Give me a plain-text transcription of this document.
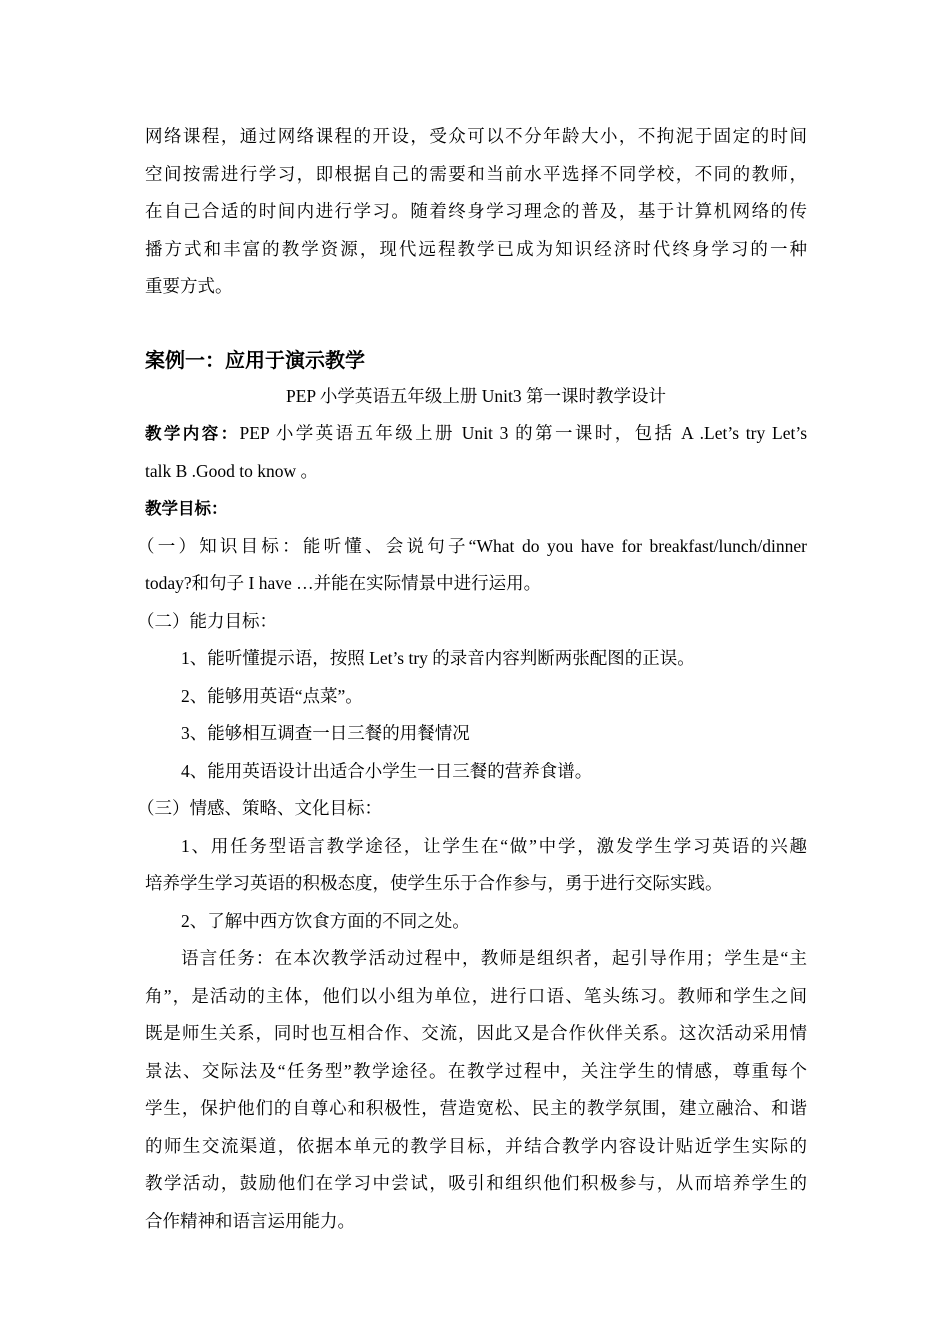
网络课程，通过网络课程的开设，受众可以不分年龄大小，不拘泥于固定的时间
空间按需进行学习，即根据自己的需要和当前水平选择不同学校，不同的教师，
在自己合适的时间内进行学习。随着终身学习理念的普及，基于计算机网络的传
播方式和丰富的教学资源，现代远程教学已成为知识经济时代终身学习的一种
重要方式。
案例一：应用于演示教学
PEP 小学英语五年级上册 Unit3 第一课时教学设计
教学内容：PEP 小学英语五年级上册 Unit 3 的第一课时，包括 A .Let’s try Let’s
talk B .Good to know 。
教学目标：
（一）知识目标：能听懂、会说句子“What do you have for breakfast/lunch/dinner
today?和句子 I have …并能在实际情景中进行运用。
（二）能力目标：
1、能听懂提示语，按照 Let’s try 的录音内容判断两张配图的正误。
2、能够用英语“点菜”。
3、能够相互调查一日三餐的用餐情况
4、能用英语设计出适合小学生一日三餐的营养食谱。
（三）情感、策略、文化目标：
1、用任务型语言教学途径，让学生在“做”中学，激发学生学习英语的兴趣
培养学生学习英语的积极态度，使学生乐于合作参与，勇于进行交际实践。
2、了解中西方饮食方面的不同之处。
语言任务：在本次教学活动过程中，教师是组织者，起引导作用；学生是“主
角”，是活动的主体，他们以小组为单位，进行口语、笔头练习。教师和学生之间
既是师生关系，同时也互相合作、交流，因此又是合作伙伴关系。这次活动采用情
景法、交际法及“任务型”教学途径。在教学过程中，关注学生的情感，尊重每个
学生，保护他们的自尊心和积极性，营造宽松、民主的教学氛围，建立融洽、和谐
的师生交流渠道，依据本单元的教学目标，并结合教学内容设计贴近学生实际的
教学活动，鼓励他们在学习中尝试，吸引和组织他们积极参与，从而培养学生的
合作精神和语言运用能力。
